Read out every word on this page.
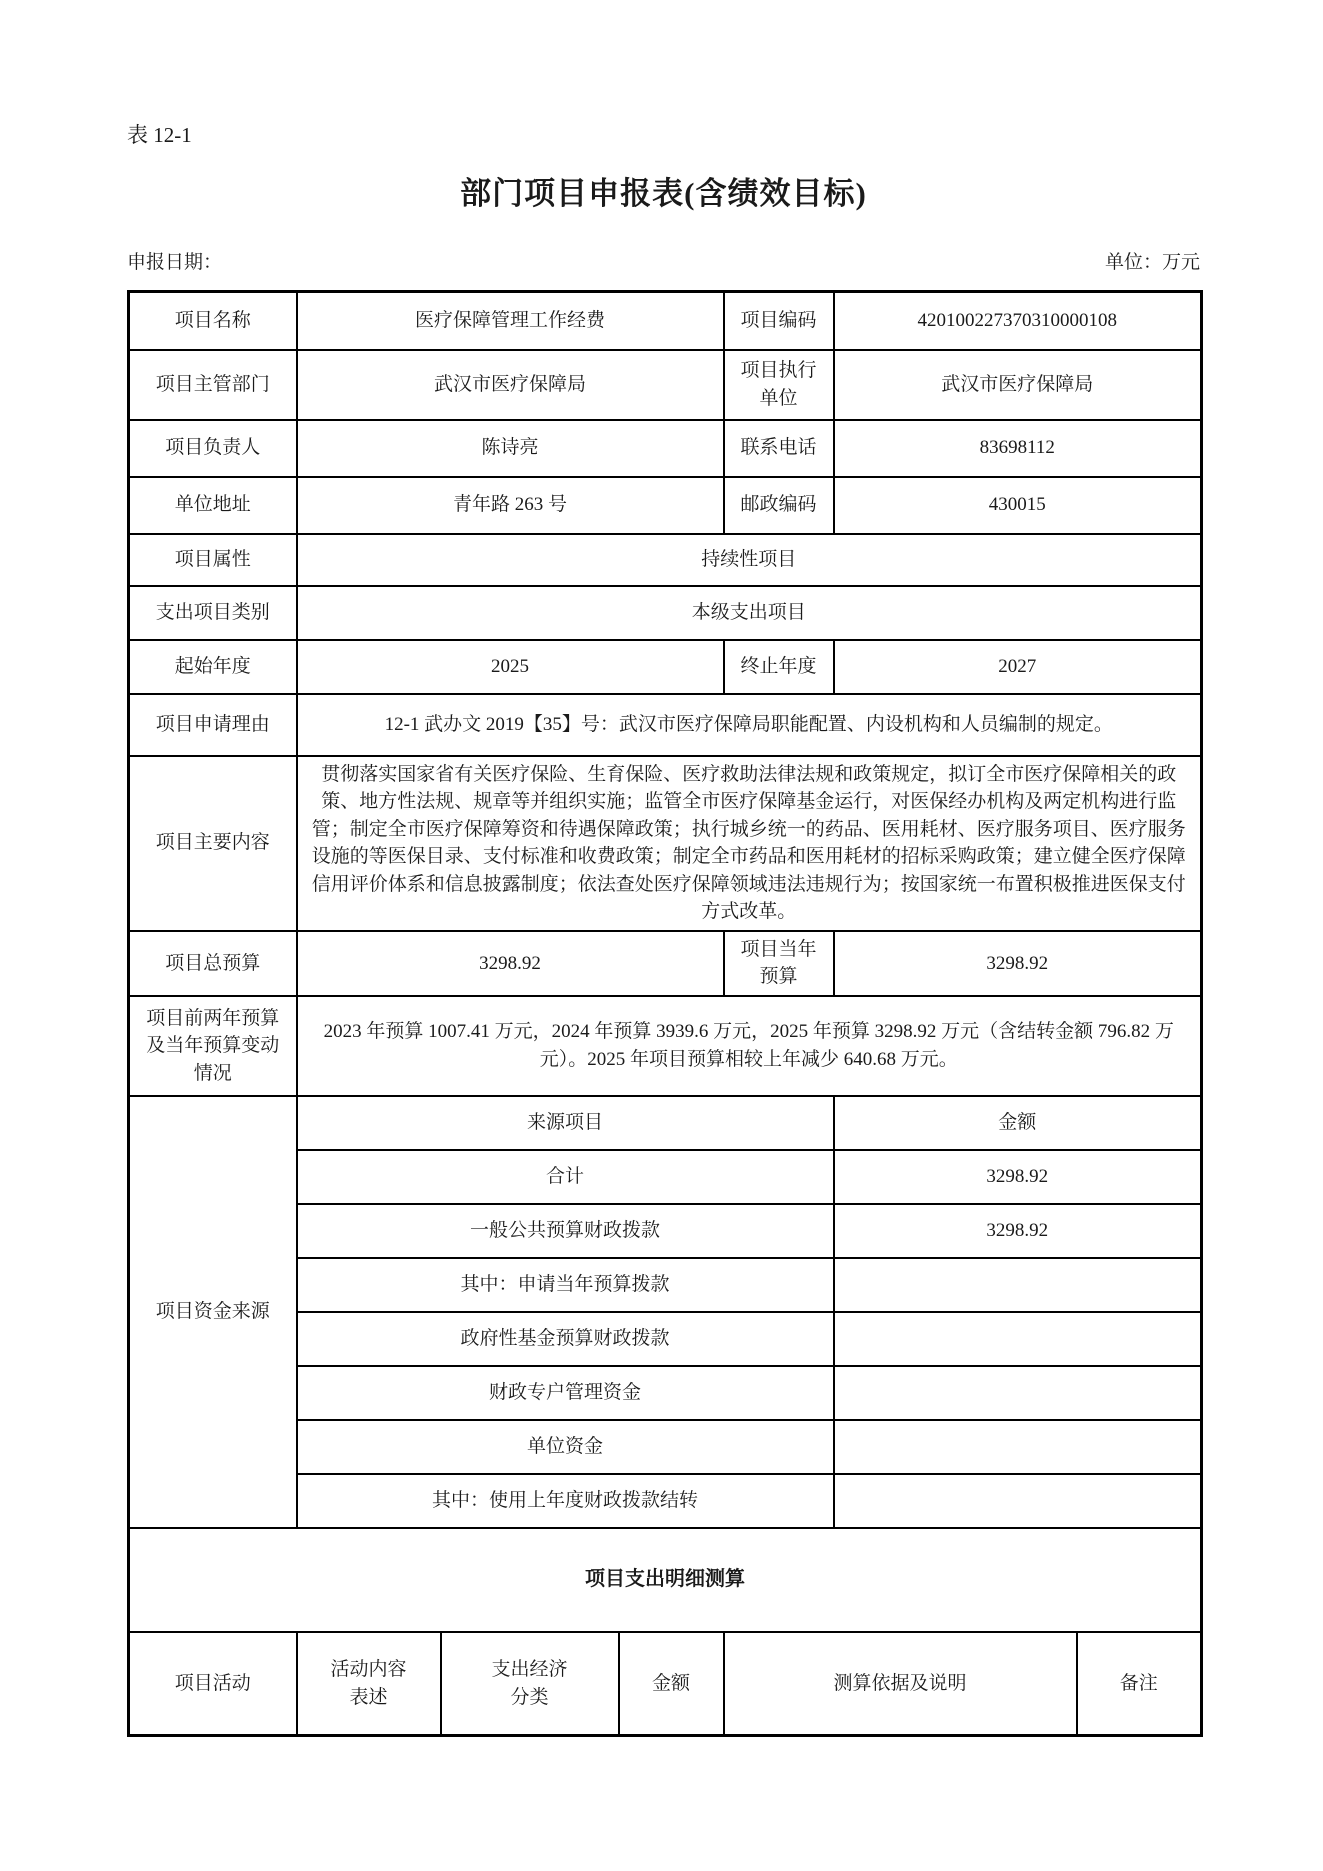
表 12-1
部门项目申报表(含绩效目标)
申报日期：	单位：万元
项目名称	医疗保障管理工作经费			项目编码	420100227370310000108	
项目主管部门	武汉市医疗保障局			项目执行单位	武汉市医疗保障局	
项目负责人	陈诗亮			联系电话	83698112	
单位地址	青年路 263 号			邮政编码	430015	
项目属性	持续性项目					
支出项目类别	本级支出项目					
起始年度	2025			终止年度	2027	
项目申请理由	12-1 武办文 2019【35】号：武汉市医疗保障局职能配置、内设机构和人员编制的规定。					
项目主要内容	贯彻落实国家省有关医疗保险、生育保险、医疗救助法律法规和政策规定，拟订全市医疗保障相关的政策、地方性法规、规章等并组织实施；监管全市医疗保障基金运行，对医保经办机构及两定机构进行监管；制定全市医疗保障筹资和待遇保障政策；执行城乡统一的药品、医用耗材、医疗服务项目、医疗服务设施的等医保目录、支付标准和收费政策；制定全市药品和医用耗材的招标采购政策；建立健全医疗保障信用评价体系和信息披露制度；依法查处医疗保障领域违法违规行为；按国家统一布置积极推进医保支付方式改革。					
项目总预算	3298.92			项目当年预算	3298.92	
项目前两年预算及当年预算变动情况	2023 年预算 1007.41 万元，2024 年预算 3939.6 万元，2025 年预算 3298.92 万元（含结转金额 796.82 万元）。2025 年项目预算相较上年减少 640.68 万元。					
项目资金来源	来源项目				金额	
	合计				3298.92	
	一般公共预算财政拨款				3298.92	
	其中：申请当年预算拨款					
	政府性基金预算财政拨款					
	财政专户管理资金					
	单位资金					
	其中：使用上年度财政拨款结转					
项目支出明细测算						
项目活动	活动内容表述	支出经济分类	金额	测算依据及说明		备注
